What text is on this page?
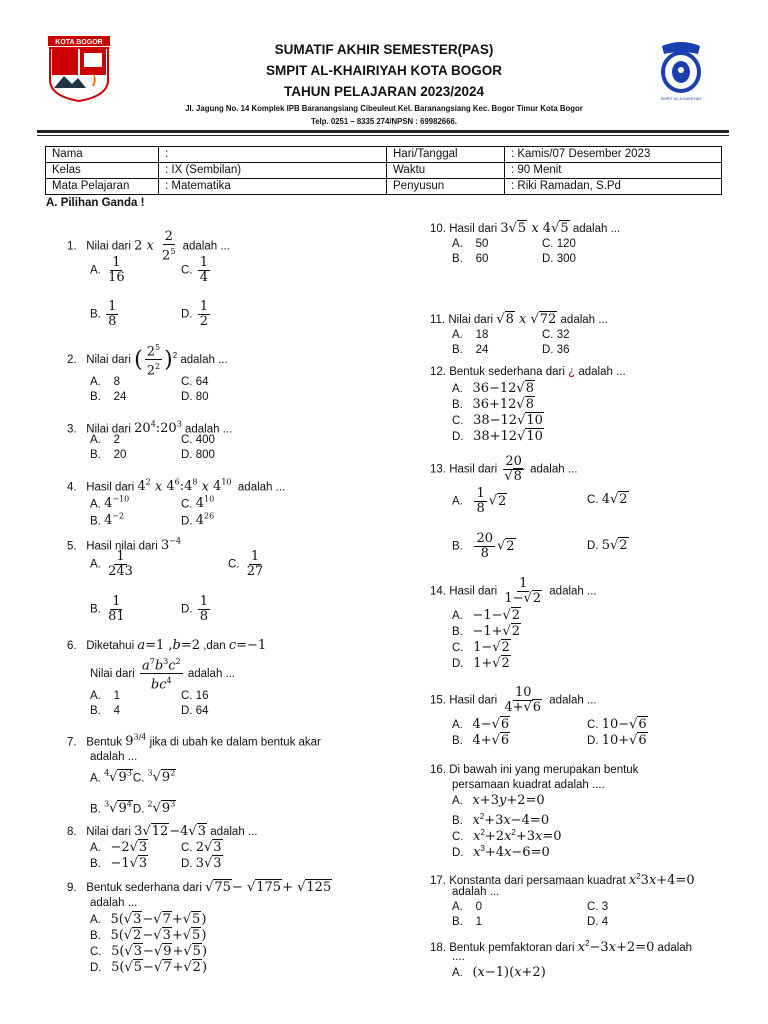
KOTA BOGOR
SMPIT AL-KHAIRIYAH
SUMATIF AKHIR SEMESTER(PAS)
SMPIT AL-KHAIRIYAH KOTA BOGOR
TAHUN PELAJARAN 2023/2024
Jl. Jagung No. 14 Komplek IPB Baranangsiang Cibeuleut Kel. Baranangsiang Kec. Bogor Timur Kota Bogor
Telp. 0251 – 8335 274/NPSN : 69982666.
Nama	:	Hari/Tanggal	: Kamis/07 Desember 2023
Kelas	: IX (Sembilan)	Waktu	: 90 Menit
Mata Pelajaran	: Matematika	Penyusun	: Riki Ramadan, S.Pd
A. Pilihan Ganda !
1. Nilai dari 2 x $\frac{2}{2^5}$ adalah ...
A. $\frac{1}{16}$	C. $\frac{1}{4}$
B. $\frac{1}{8}$	D. $\frac{1}{2}$
2. Nilai dari ( $\frac{2^5}{2^2} )^2$ adalah ...
A. 8	C. 64
B. 24	D. 80
3. Nilai dari $20^4:20^3$ adalah ...
A. 2	C. 400
B. 20	D. 800
4. Hasil dari $4^2$ x $4^6:4^8$ x $4^{10}$ adalah ...
A. $4^{-10}$	C. $4^{10}$
B. $4^{-2}$	D. $4^{26}$
5. Hasil nilai dari $3^{-4}$
A. $\frac{1}{243}$	C. $\frac{1}{27}$
B. $\frac{1}{81}$	D. $\frac{1}{8}$
6. Diketahui a=1 ,b=2 ,dan c=−1
Nilai dari $\frac{a^7b^3c^2}{bc^4}$ adalah ...
A. 1	C. 16
B. 4	D. 64
7. Bentuk $9^{3/4}$ jika di ubah ke dalam bentuk akar
adalah ...
A. $^4√9^3C$. $^3√9^2$
B. $^3√9^4D$. $^2√9^3$
8. Nilai dari 3√12−4√3 adalah ...
A.   −2√3	C. 2√3
B.   −1√3	D. 3√3
9. Bentuk sederhana dari √75− √175+ √125
adalah ...
A.   5(√3−√7+√5)
B.   5(√2−√3+√5)
C.   5(√3−√9+√5)
D.   5(√5−√7+√2)
10. Hasil dari 3√5 x 4√5 adalah ...
A. 50	C. 120
B. 60	D. 300
11. Nilai dari √8 x √72 adalah ...
A. 18	C. 32
B. 24	D. 36
12. Bentuk sederhana dari ¿ adalah ...
A.   36−12√8
B.   36+12√8
C.   38−12√10
D.   38+12√10
13. Hasil dari $\frac{20}{√8}$ adalah ...
A. $\frac{1}{8} √2$	C. 4√2
B. $\frac{20}{8} √2$	D. 5√2
14. Hasil dari $\frac{1}{1-√2}$ adalah ...
A.   −1−√2
B.   −1+√2
C.   1−√2
D.   1+√2
15. Hasil dari $\frac{10}{4+√6}$ adalah ...
A.   4−√6	C. 10−√6
B.   4+√6	D. 10+√6
16. Di bawah ini yang merupakan bentuk
persamaan kuadrat adalah ....
A.   x+3y+2=0
B.   $x^2+3x-4=0$
C.   $x^2+2x^2+3x=0$
D.   $x^3+4x-6=0$
17. Konstanta dari persamaan kuadrat $x^23x+4=0$
adalah ...
A. 0	C. 3
B. 1	D. 4
18. Bentuk pemfaktoran dari $x^2-3x+2=0$ adalah
....
A.   (x−1)(x+2)
